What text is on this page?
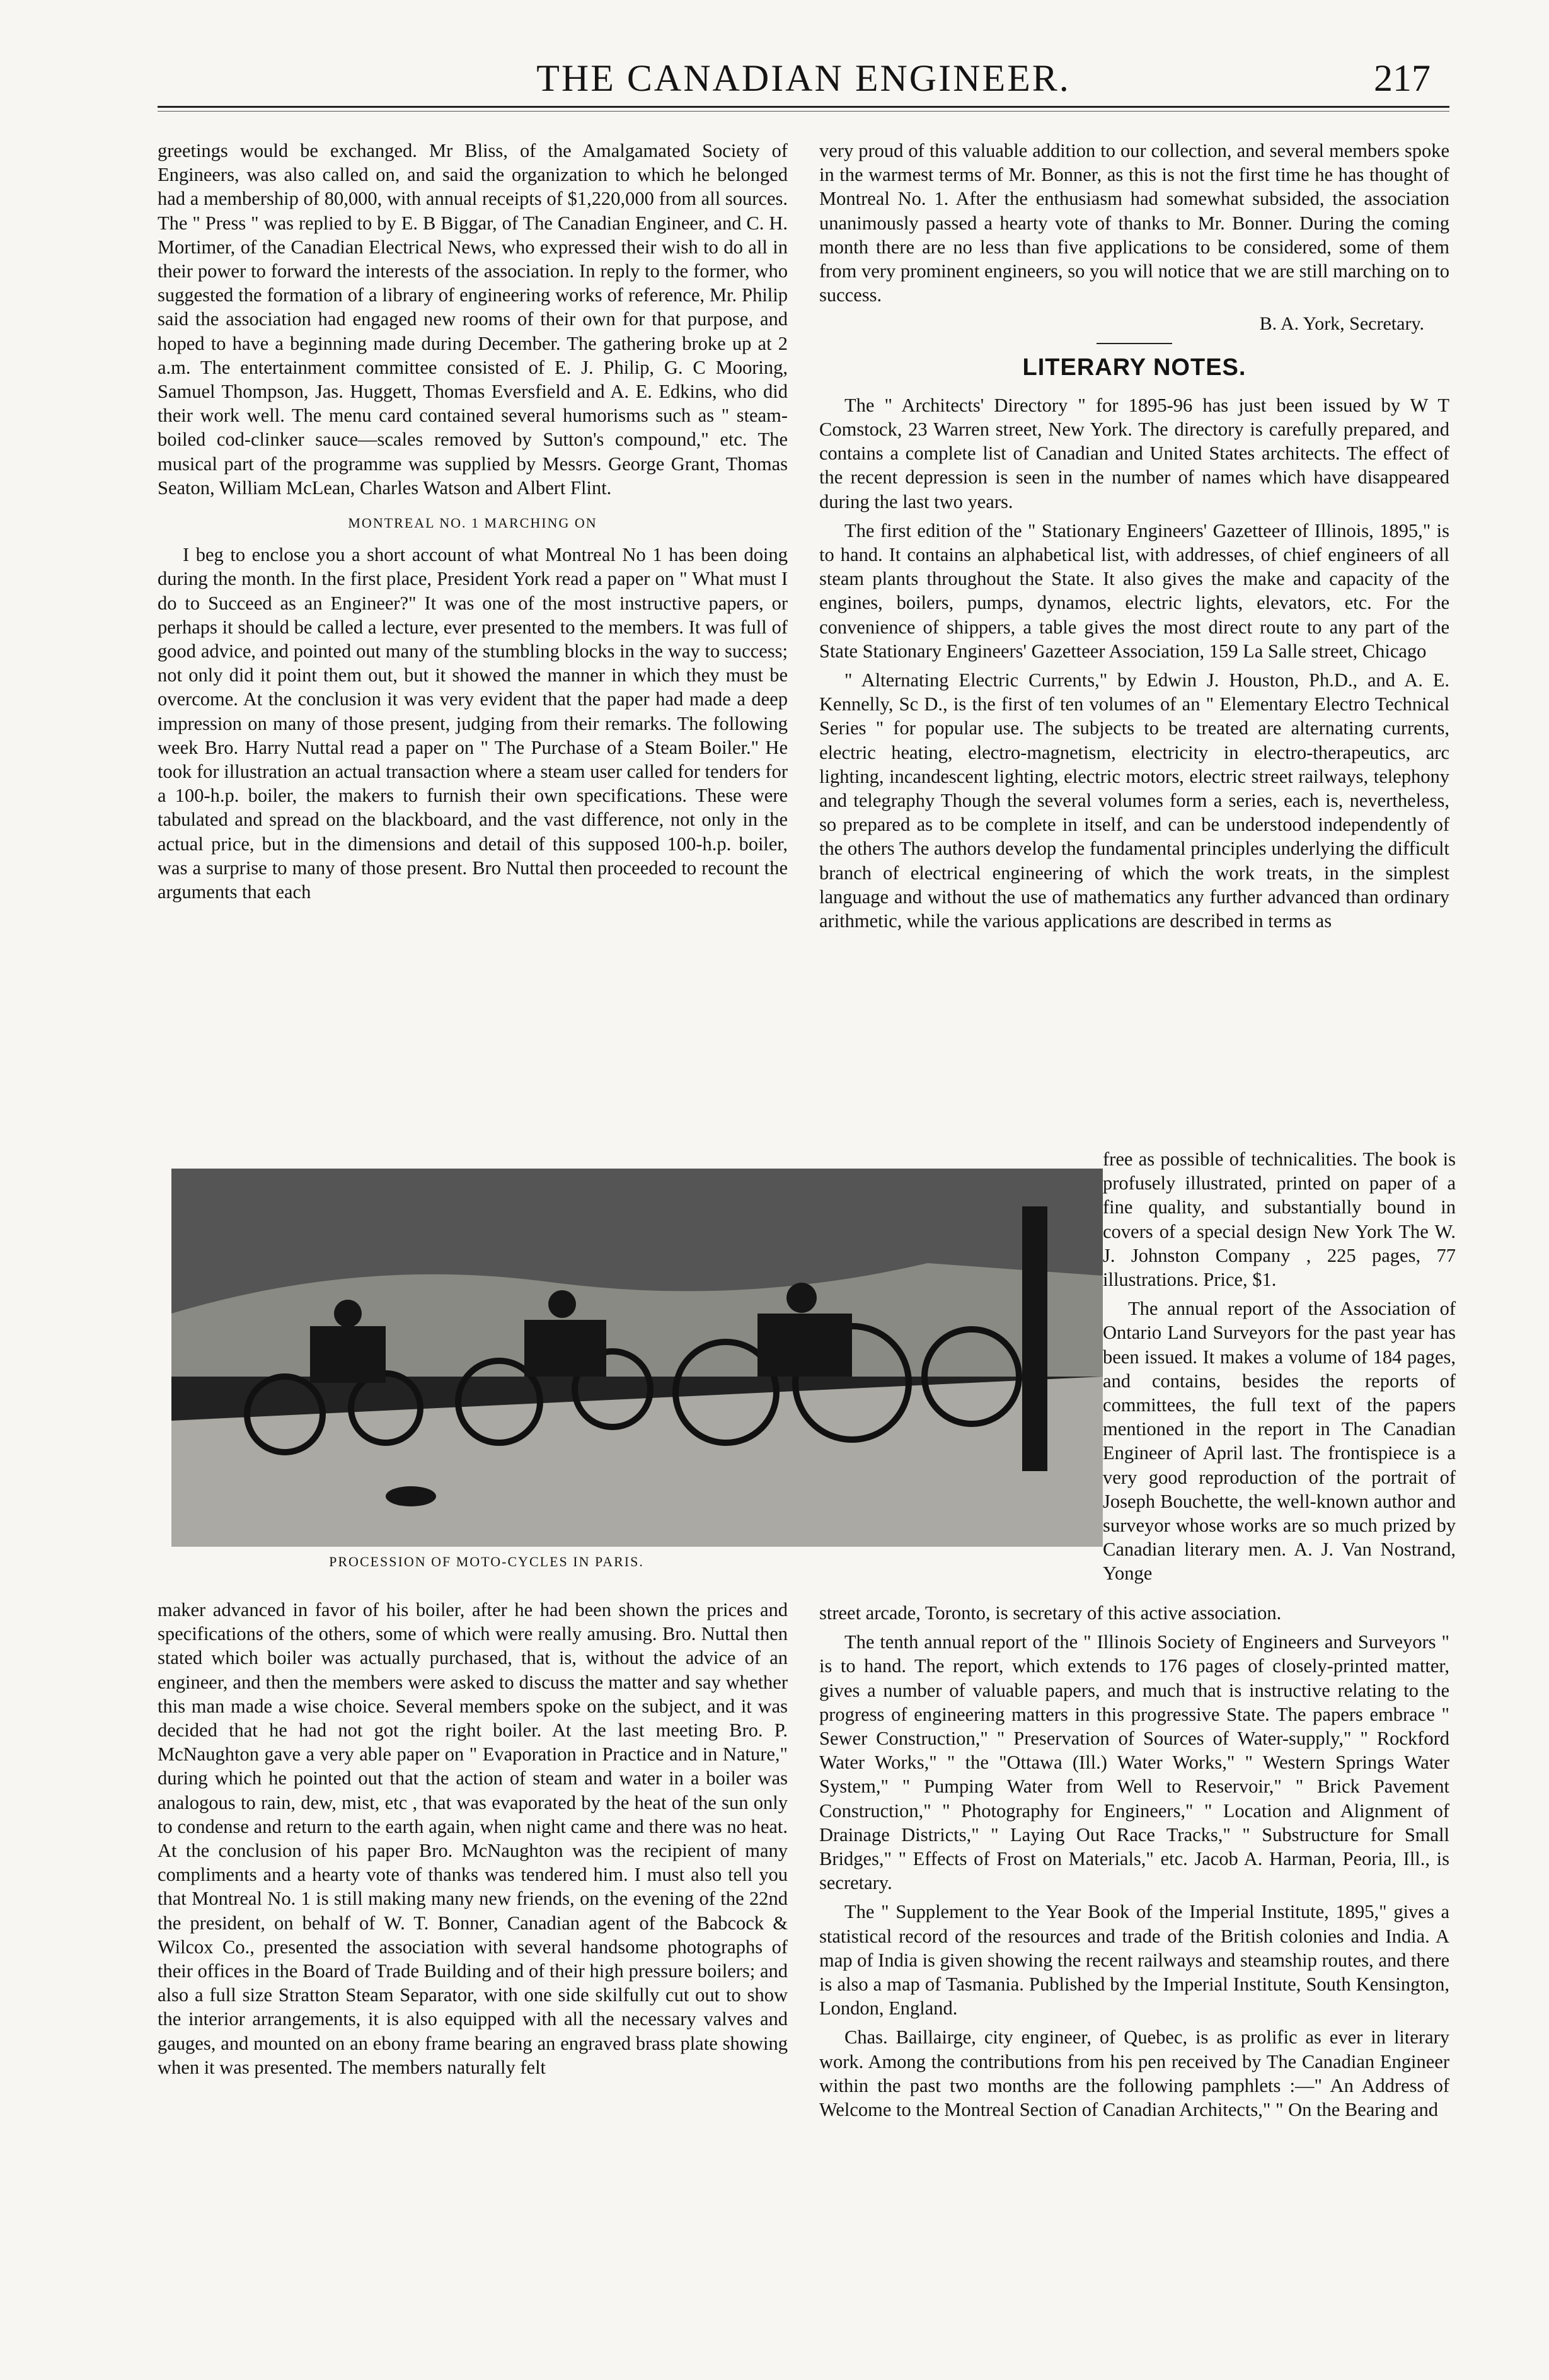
THE CANADIAN ENGINEER.	217

greetings would be exchanged. Mr Bliss, of the Amalgamated Society of Engineers, was also called on, and said the organization to which he belonged had a membership of 80,000, with annual receipts of $1,220,000 from all sources. The " Press " was replied to by E. B Biggar, of The Canadian Engineer, and C. H. Mortimer, of the Canadian Electrical News, who expressed their wish to do all in their power to forward the interests of the association. In reply to the former, who suggested the formation of a library of engineering works of reference, Mr. Philip said the association had engaged new rooms of their own for that purpose, and hoped to have a beginning made during December. The gathering broke up at 2 a.m. The entertainment committee consisted of E. J. Philip, G. C Mooring, Samuel Thompson, Jas. Huggett, Thomas Eversfield and A. E. Edkins, who did their work well. The menu card contained several humorisms such as " steam-boiled cod-clinker sauce—scales removed by Sutton's compound," etc. The musical part of the programme was supplied by Messrs. George Grant, Thomas Seaton, William McLean, Charles Watson and Albert Flint.

MONTREAL NO. 1 MARCHING ON

I beg to enclose you a short account of what Montreal No 1 has been doing during the month. In the first place, President York read a paper on " What must I do to Succeed as an Engineer?" It was one of the most instructive papers, or perhaps it should be called a lecture, ever presented to the members. It was full of good advice, and pointed out many of the stumbling blocks in the way to success; not only did it point them out, but it showed the manner in which they must be overcome. At the conclusion it was very evident that the paper had made a deep impression on many of those present, judging from their remarks. The following week Bro. Harry Nuttal read a paper on " The Purchase of a Steam Boiler." He took for illustration an actual transaction where a steam user called for tenders for a 100-h.p. boiler, the makers to furnish their own specifications. These were tabulated and spread on the blackboard, and the vast difference, not only in the actual price, but in the dimensions and detail of this supposed 100-h.p. boiler, was a surprise to many of those present. Bro Nuttal then proceeded to recount the arguments that each

very proud of this valuable addition to our collection, and several members spoke in the warmest terms of Mr. Bonner, as this is not the first time he has thought of Montreal No. 1. After the enthusiasm had somewhat subsided, the association unanimously passed a hearty vote of thanks to Mr. Bonner. During the coming month there are no less than five applications to be considered, some of them from very prominent engineers, so you will notice that we are still marching on to success.

B. A. York, Secretary.
LITERARY NOTES.

The " Architects' Directory " for 1895-96 has just been issued by W T Comstock, 23 Warren street, New York. The directory is carefully prepared, and contains a complete list of Canadian and United States architects. The effect of the recent depression is seen in the number of names which have disappeared during the last two years.

The first edition of the " Stationary Engineers' Gazetteer of Illinois, 1895," is to hand. It contains an alphabetical list, with addresses, of chief engineers of all steam plants throughout the State. It also gives the make and capacity of the engines, boilers, pumps, dynamos, electric lights, elevators, etc. For the convenience of shippers, a table gives the most direct route to any part of the State Stationary Engineers' Gazetteer Association, 159 La Salle street, Chicago

" Alternating Electric Currents," by Edwin J. Houston, Ph.D., and A. E. Kennelly, Sc D., is the first of ten volumes of an " Elementary Electro Technical Series " for popular use. The subjects to be treated are alternating currents, electric heating, electro-magnetism, electricity in electro-therapeutics, arc lighting, incandescent lighting, electric motors, electric street railways, telephony and telegraphy Though the several volumes form a series, each is, nevertheless, so prepared as to be complete in itself, and can be understood independently of the others The authors develop the fundamental principles underlying the difficult branch of electrical engineering of which the work treats, in the simplest language and without the use of mathematics any further advanced than ordinary arithmetic, while the various applications are described in terms as

PROCESSION OF MOTO-CYCLES IN PARIS.

free as possible of technicalities. The book is profusely illustrated, printed on paper of a fine quality, and substantially bound in covers of a special design New York The W. J. Johnston Company , 225 pages, 77 illustrations. Price, $1.

The annual report of the Association of Ontario Land Surveyors for the past year has been issued. It makes a volume of 184 pages, and contains, besides the reports of committees, the full text of the papers mentioned in the report in The Canadian Engineer of April last. The frontispiece is a very good reproduction of the portrait of Joseph Bouchette, the well-known author and surveyor whose works are so much prized by Canadian literary men. A. J. Van Nostrand, Yonge

maker advanced in favor of his boiler, after he had been shown the prices and specifications of the others, some of which were really amusing. Bro. Nuttal then stated which boiler was actually purchased, that is, without the advice of an engineer, and then the members were asked to discuss the matter and say whether this man made a wise choice. Several members spoke on the subject, and it was decided that he had not got the right boiler. At the last meeting Bro. P. McNaughton gave a very able paper on " Evaporation in Practice and in Nature," during which he pointed out that the action of steam and water in a boiler was analogous to rain, dew, mist, etc , that was evaporated by the heat of the sun only to condense and return to the earth again, when night came and there was no heat. At the conclusion of his paper Bro. McNaughton was the recipient of many compliments and a hearty vote of thanks was tendered him. I must also tell you that Montreal No. 1 is still making many new friends, on the evening of the 22nd the president, on behalf of W. T. Bonner, Canadian agent of the Babcock & Wilcox Co., presented the association with several handsome photographs of their offices in the Board of Trade Building and of their high pressure boilers; and also a full size Stratton Steam Separator, with one side skilfully cut out to show the interior arrangements, it is also equipped with all the necessary valves and gauges, and mounted on an ebony frame bearing an engraved brass plate showing when it was presented. The members naturally felt

street arcade, Toronto, is secretary of this active association.

The tenth annual report of the " Illinois Society of Engineers and Surveyors " is to hand. The report, which extends to 176 pages of closely-printed matter, gives a number of valuable papers, and much that is instructive relating to the progress of engineering matters in this progressive State. The papers embrace " Sewer Construction," " Preservation of Sources of Water-supply," " Rockford Water Works," " the "Ottawa (Ill.) Water Works," " Western Springs Water System," " Pumping Water from Well to Reservoir," " Brick Pavement Construction," " Photography for Engineers," " Location and Alignment of Drainage Districts," " Laying Out Race Tracks," " Substructure for Small Bridges," " Effects of Frost on Materials," etc. Jacob A. Harman, Peoria, Ill., is secretary.

The " Supplement to the Year Book of the Imperial Institute, 1895," gives a statistical record of the resources and trade of the British colonies and India. A map of India is given showing the recent railways and steamship routes, and there is also a map of Tasmania. Published by the Imperial Institute, South Kensington, London, England.

Chas. Baillairge, city engineer, of Quebec, is as prolific as ever in literary work. Among the contributions from his pen received by The Canadian Engineer within the past two months are the following pamphlets :—" An Address of Welcome to the Montreal Section of Canadian Architects," " On the Bearing and
